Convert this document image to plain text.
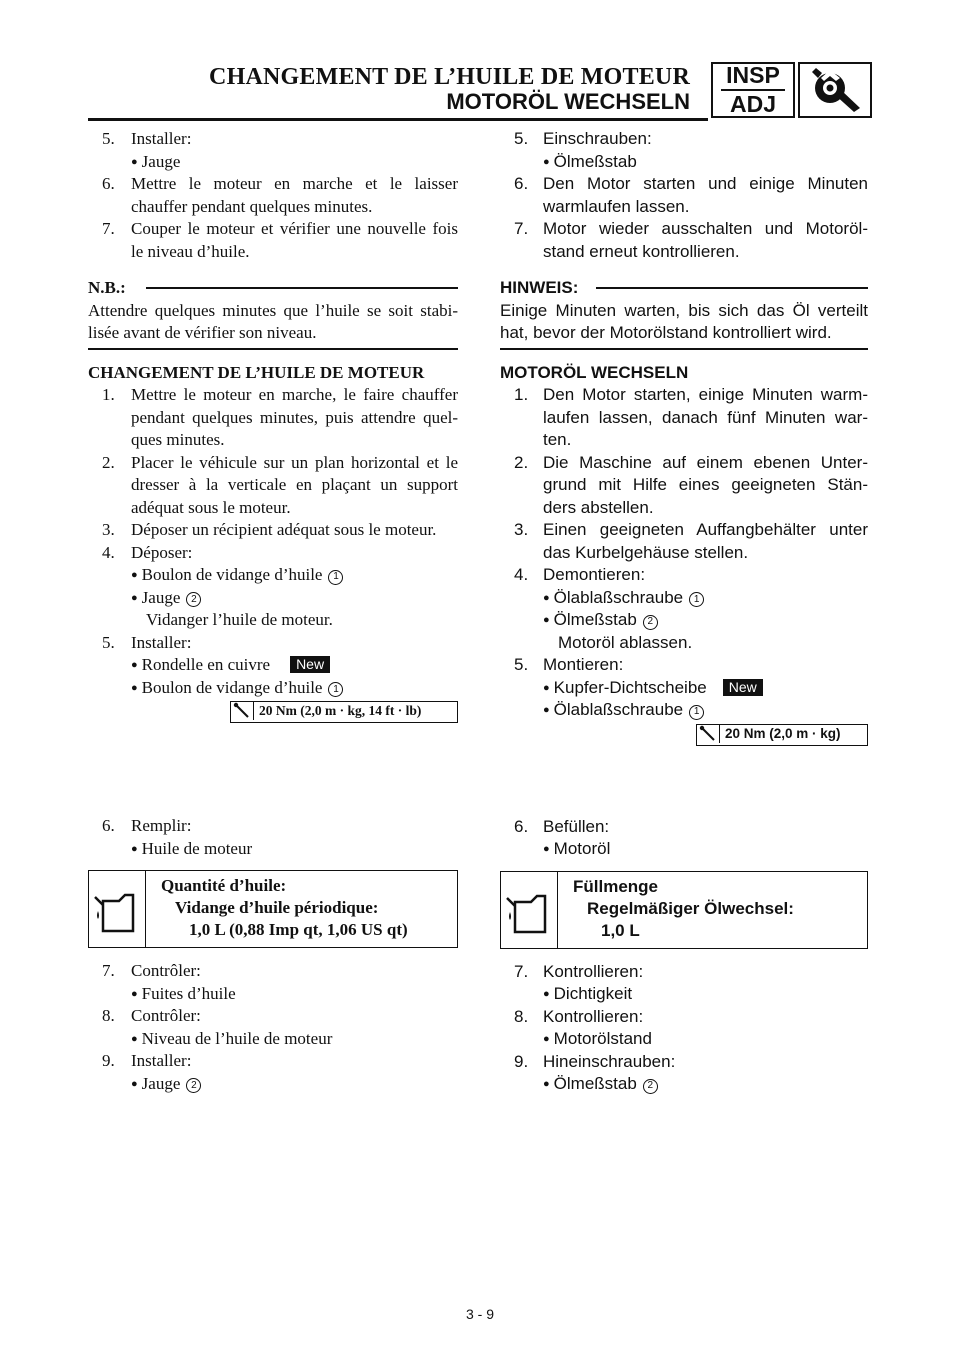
CHANGEMENT DE L’HUILE DE MOTEUR
MOTORÖL WECHSELN
INSP
ADJ
5. Installer:
● Jauge
6. Mettre le moteur en marche et le laisser
chauffer pendant quelques minutes.
7. Couper le moteur et vérifier une nouvelle fois
le niveau d’huile.
N.B.:
Attendre quelques minutes que l’huile se soit stabi-
lisée avant de vérifier son niveau.
CHANGEMENT DE L’HUILE DE MOTEUR
1. Mettre le moteur en marche, le faire chauffer
pendant quelques minutes, puis attendre quel-
ques minutes.
2. Placer le véhicule sur un plan horizontal et le
dresser à la verticale en plaçant un support
adéquat sous le moteur.
3. Déposer un récipient adéquat sous le moteur.
4. Déposer:
● Boulon de vidange d’huile 1
● Jauge 2
Vidanger l’huile de moteur.
5. Installer:
● Rondelle en cuivre New
● Boulon de vidange d’huile 1
20 Nm (2,0 m · kg, 14 ft · lb)
6. Remplir:
● Huile de moteur
Quantité d’huile:
Vidange d’huile périodique:
1,0 L (0,88 Imp qt, 1,06 US qt)
7. Contrôler:
● Fuites d’huile
8. Contrôler:
● Niveau de l’huile de moteur
9. Installer:
● Jauge 2
5. Einschrauben:
● Ölmeßstab
6. Den Motor starten und einige Minuten
warmlaufen lassen.
7. Motor wieder ausschalten und Motoröl-
stand erneut kontrollieren.
HINWEIS:
Einige Minuten warten, bis sich das Öl verteilt
hat, bevor der Motorölstand kontrolliert wird.
MOTORÖL WECHSELN
1. Den Motor starten, einige Minuten warm-
laufen lassen, danach fünf Minuten war-
ten.
2. Die Maschine auf einem ebenen Unter-
grund mit Hilfe eines geeigneten Stän-
ders abstellen.
3. Einen geeigneten Auffangbehälter unter
das Kurbelgehäuse stellen.
4. Demontieren:
● Ölablaßschraube 1
● Ölmeßstab 2
Motoröl ablassen.
5. Montieren:
● Kupfer-Dichtscheibe New
● Ölablaßschraube 1
20 Nm (2,0 m · kg)
6. Befüllen:
● Motoröl
Füllmenge
Regelmäßiger Ölwechsel:
1,0 L
7. Kontrollieren:
● Dichtigkeit
8. Kontrollieren:
● Motorölstand
9. Hineinschrauben:
● Ölmeßstab 2
3 - 9
